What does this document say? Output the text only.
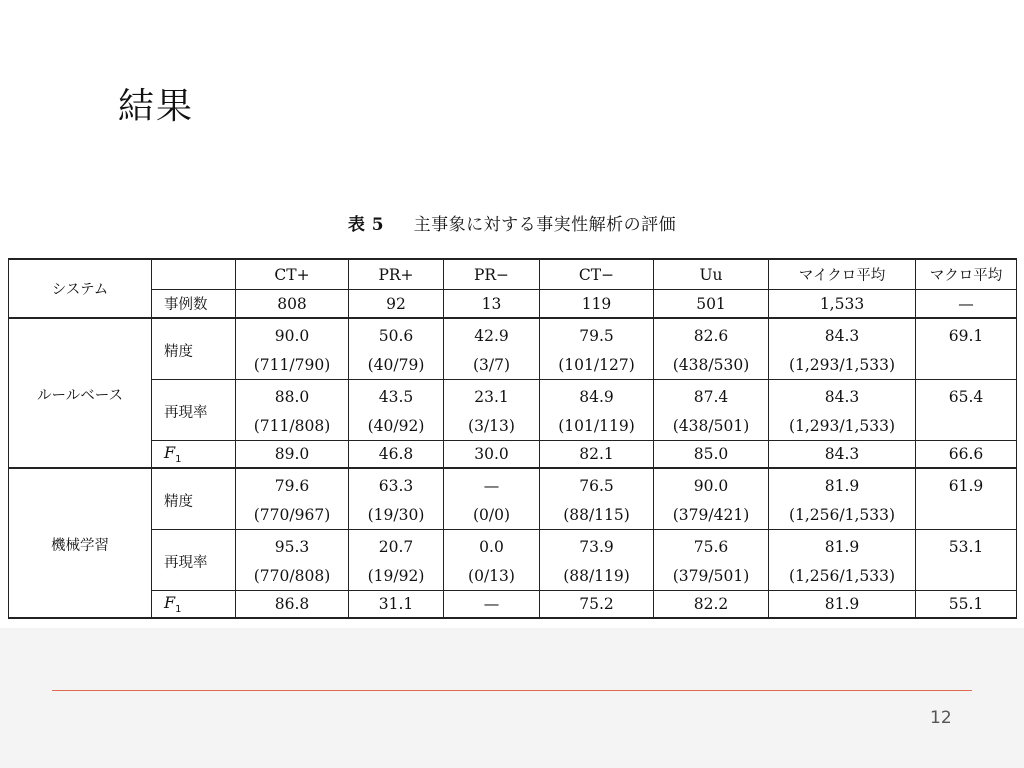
結果
表 5 主事象に対する事実性解析の評価
システム		CT+	PR+	PR−	CT−	Uu	マイクロ平均	マクロ平均
	事例数	808	92	13	119	501	1,533	—
ルールベース	精度	90.0	50.6	42.9	79.5	82.6	84.3	69.1
		(711/790)	(40/79)	(3/7)	(101/127)	(438/530)	(1,293/1,533)	
	再現率	88.0	43.5	23.1	84.9	87.4	84.3	65.4
		(711/808)	(40/92)	(3/13)	(101/119)	(438/501)	(1,293/1,533)	
	$F_1$	89.0	46.8	30.0	82.1	85.0	84.3	66.6
機械学習	精度	79.6	63.3	—	76.5	90.0	81.9	61.9
		(770/967)	(19/30)	(0/0)	(88/115)	(379/421)	(1,256/1,533)	
	再現率	95.3	20.7	0.0	73.9	75.6	81.9	53.1
		(770/808)	(19/92)	(0/13)	(88/119)	(379/501)	(1,256/1,533)	
	$F_1$	86.8	31.1	—	75.2	82.2	81.9	55.1
12
